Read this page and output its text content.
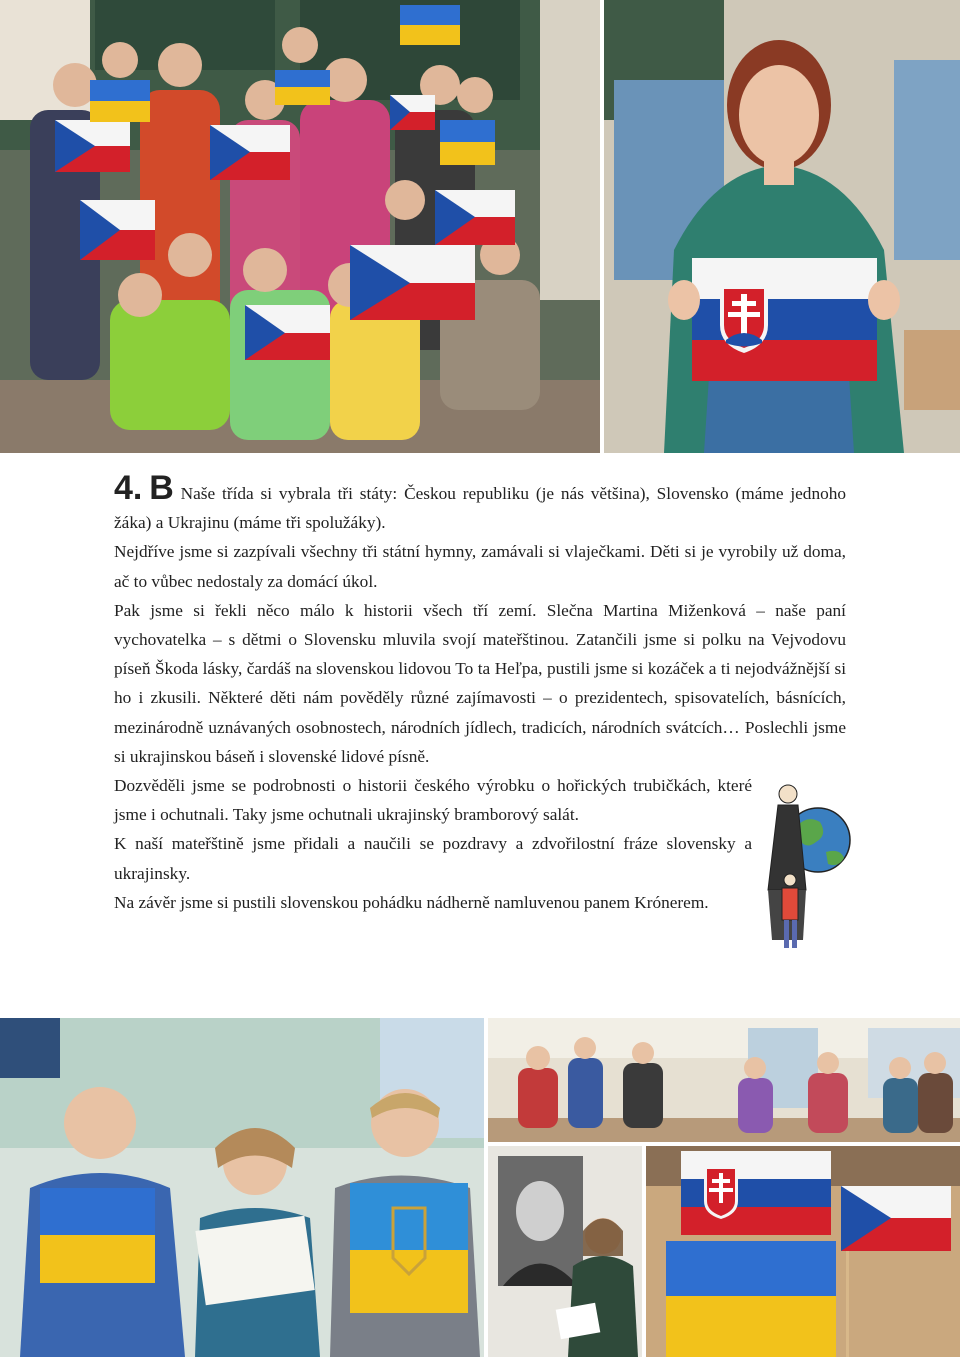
4. B Naše třída si vybrala tři státy: Českou republiku (je nás většina), Slovensko (máme jednoho žáka) a Ukrajinu (máme tři spolužáky).

Nejdříve jsme si zazpívali všechny tři státní hymny, zamávali si vlaječkami. Děti si je vyrobily už doma, ač to vůbec nedostaly za domácí úkol.

Pak jsme si řekli něco málo k historii všech tří zemí. Slečna Martina Miženková – naše paní vychovatelka – s dětmi o Slovensku mluvila svojí mateřštinou. Zatančili jsme si polku na Vejvodovu píseň Škoda lásky, čardáš na slovenskou lidovou To ta Heľpa, pustili jsme si kozáček a ti nejodvážnější si ho i zkusili. Některé děti nám pověděly různé zajímavosti – o prezidentech, spisovatelích, básnících, mezinárodně uznávaných osobnostech, národních jídlech, tradicích, národních svátcích… Poslechli jsme si ukrajinskou báseň i slovenské lidové písně.

Dozvěděli jsme se podrobnosti o historii českého výrobku o hořických trubičkách, které jsme i ochutnali. Taky jsme ochutnali ukrajinský bramborový salát.

K naší mateřštině jsme přidali a naučili se pozdravy a zdvořilostní fráze slovensky a ukrajinsky.

Na závěr jsme si pustili slovenskou pohádku nádherně namluvenou panem Krónerem.
